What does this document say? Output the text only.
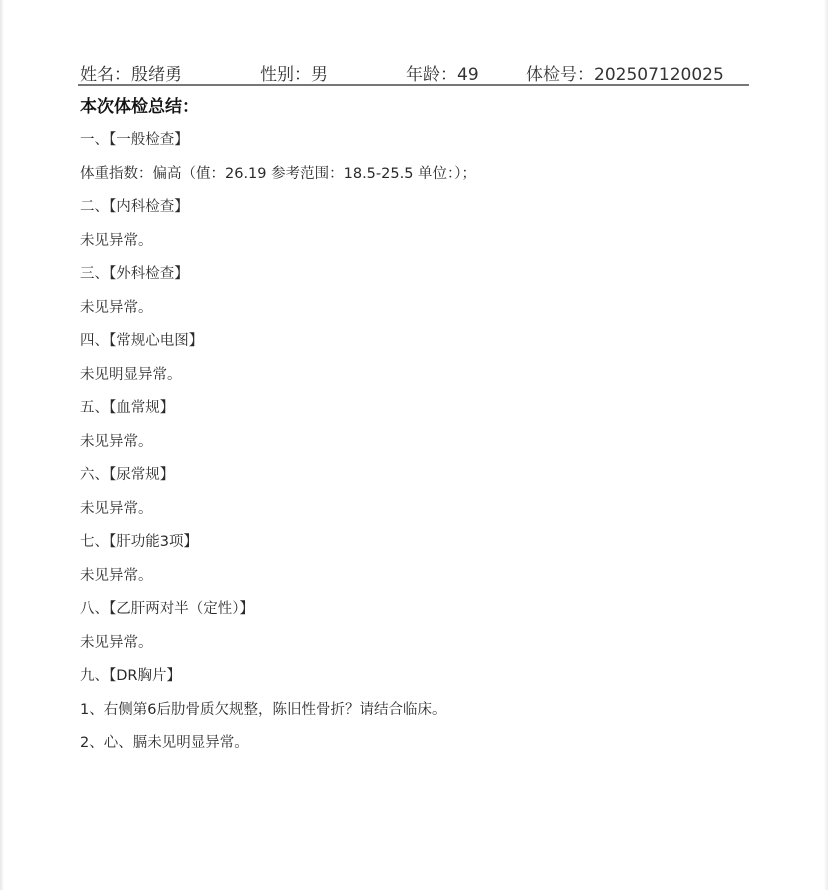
姓名：殷绪勇	性别：男	年龄：49	体检号：202507120025
本次体检总结：
一、【一般检查】
体重指数：偏高（值：26.19 参考范围：18.5-25.5 单位：）；
二、【内科检查】
未见异常。
三、【外科检查】
未见异常。
四、【常规心电图】
未见明显异常。
五、【血常规】
未见异常。
六、【尿常规】
未见异常。
七、【肝功能3项】
未见异常。
八、【乙肝两对半（定性）】
未见异常。
九、【DR胸片】
1、右侧第6后肋骨质欠规整，陈旧性骨折？请结合临床。
2、心、膈未见明显异常。
